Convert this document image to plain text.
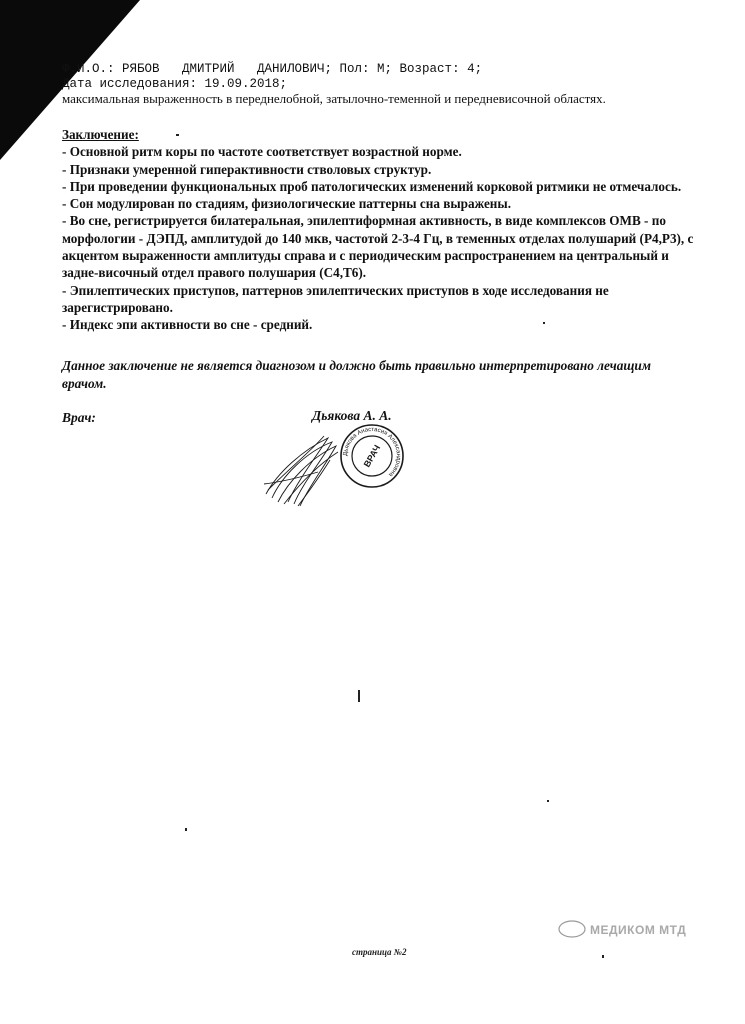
Ф.И.О.: РЯБОВ   ДМИТРИЙ   ДАНИЛОВИЧ; Пол: М; Возраст: 4;
Дата исследования: 19.09.2018;
максимальная выраженность в переднелобной, затылочно-теменной и передневисочной областях.

Заключение:

- Основной ритм коры по частоте соответствует возрастной норме.

- Признаки умеренной гиперактивности стволовых структур.

- При проведении функциональных проб патологических изменений корковой ритмики не отмечалось.

- Сон модулирован по стадиям, физиологические паттерны сна выражены.

- Во сне, регистрируется билатеральная, эпилептиформная активность, в виде комплексов ОМВ - по морфологии - ДЭПД, амплитудой до 140 мкв, частотой 2-3-4 Гц, в теменных отделах полушарий (Р4,Р3), с акцентом выраженности амплитуды справа и с периодическим распространением на центральный и задне-височный отдел правого полушария (С4,Т6).

- Эпилептических приступов, паттернов эпилептических приступов в ходе исследования не зарегистрировано.

- Индекс эпи активности во сне - средний.

Данное заключение не является диагнозом и должно быть правильно интерпретировано лечащим врачом.
Врач:	Дьякова А. А.
Дьякова Анастасия Александровна
ВРАЧ
МЕДИКОМ МТД
страница №2
